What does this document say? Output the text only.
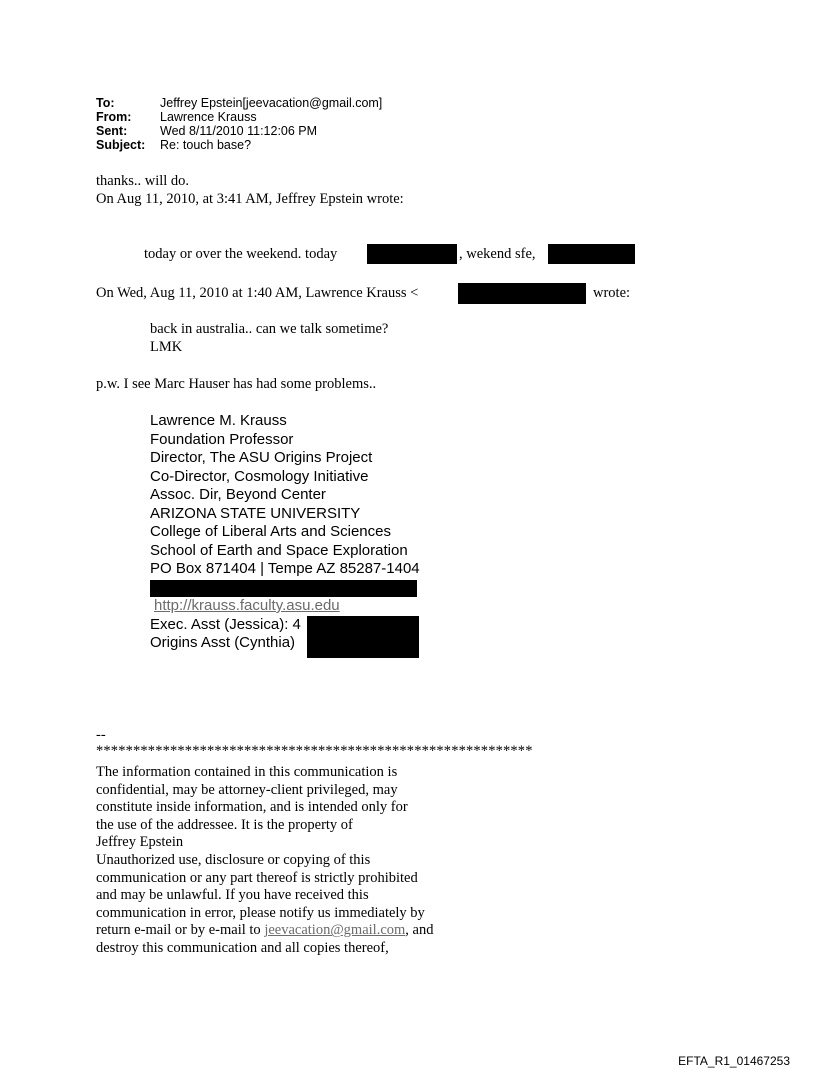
To:	Jeffrey Epstein[jeevacation@gmail.com]
From: Lawrence Krauss
Sent:	Wed 8/11/2010 11:12:06 PM
Subject: Re: touch base?
thanks.. will do.
On Aug 11, 2010, at 3:41 AM, Jeffrey Epstein wrote:
today or over the weekend. today	, wekend sfe,
On Wed, Aug 11, 2010 at 1:40 AM, Lawrence Krauss <	wrote:
back in australia.. can we talk sometime?
LMK
p.w. I see Marc Hauser has had some problems..
Lawrence M. Krauss
Foundation Professor
Director, The ASU Origins Project
Co-Director, Cosmology Initiative
Assoc. Dir, Beyond Center
ARIZONA STATE UNIVERSITY
College of Liberal Arts and Sciences
School of Earth and Space Exploration
PO Box 871404 | Tempe AZ 85287-1404
http://krauss.faculty.asu.edu
Exec. Asst (Jessica): 4
Origins Asst (Cynthia)
--
***********************************************************
The information contained in this communication is
confidential, may be attorney-client privileged, may
constitute inside information, and is intended only for
the use of the addressee. It is the property of
Jeffrey Epstein
Unauthorized use, disclosure or copying of this
communication or any part thereof is strictly prohibited
and may be unlawful. If you have received this
communication in error, please notify us immediately by
return e-mail or by e-mail to jeevacation@gmail.com, and
destroy this communication and all copies thereof,
EFTA_R1_01467253
